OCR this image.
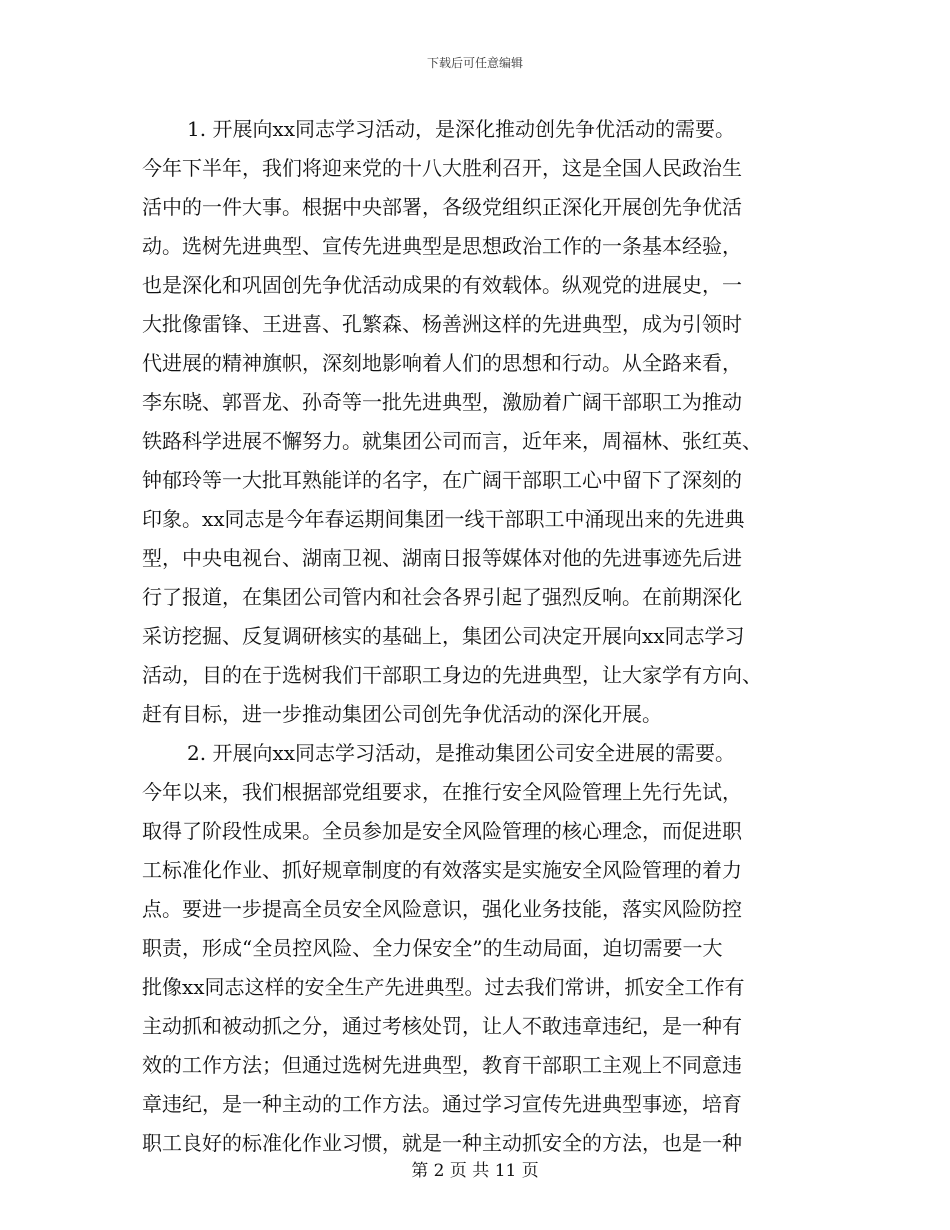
下载后可任意编辑
1. 开展向xx同志学习活动，是深化推动创先争优活动的需要。
今年下半年，我们将迎来党的十八大胜利召开，这是全国人民政治生
活中的一件大事。根据中央部署，各级党组织正深化开展创先争优活
动。选树先进典型、宣传先进典型是思想政治工作的一条基本经验，
也是深化和巩固创先争优活动成果的有效载体。纵观党的进展史，一
大批像雷锋、王进喜、孔繁森、杨善洲这样的先进典型，成为引领时
代进展的精神旗帜，深刻地影响着人们的思想和行动。从全路来看，
李东晓、郭晋龙、孙奇等一批先进典型，激励着广阔干部职工为推动
铁路科学进展不懈努力。就集团公司而言，近年来，周福林、张红英、
钟郁玲等一大批耳熟能详的名字，在广阔干部职工心中留下了深刻的
印象。xx同志是今年春运期间集团一线干部职工中涌现出来的先进典
型，中央电视台、湖南卫视、湖南日报等媒体对他的先进事迹先后进
行了报道，在集团公司管内和社会各界引起了强烈反响。在前期深化
采访挖掘、反复调研核实的基础上，集团公司决定开展向xx同志学习
活动，目的在于选树我们干部职工身边的先进典型，让大家学有方向、
赶有目标，进一步推动集团公司创先争优活动的深化开展。
2. 开展向xx同志学习活动，是推动集团公司安全进展的需要。
今年以来，我们根据部党组要求，在推行安全风险管理上先行先试，
取得了阶段性成果。全员参加是安全风险管理的核心理念，而促进职
工标准化作业、抓好规章制度的有效落实是实施安全风险管理的着力
点。要进一步提高全员安全风险意识，强化业务技能，落实风险防控
职责，形成“全员控风险、全力保安全”的生动局面，迫切需要一大
批像xx同志这样的安全生产先进典型。过去我们常讲，抓安全工作有
主动抓和被动抓之分，通过考核处罚，让人不敢违章违纪，是一种有
效的工作方法；但通过选树先进典型，教育干部职工主观上不同意违
章违纪，是一种主动的工作方法。通过学习宣传先进典型事迹，培育
职工良好的标准化作业习惯，就是一种主动抓安全的方法，也是一种
第 2 页 共 11 页
